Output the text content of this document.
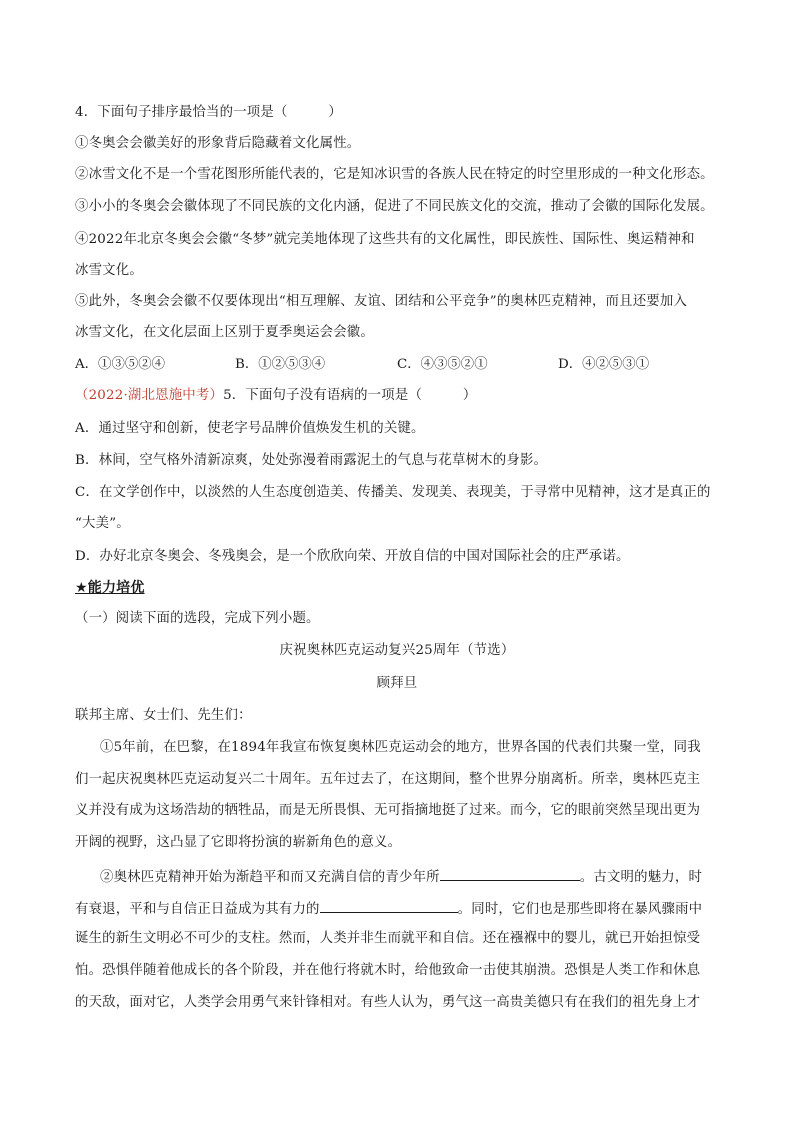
4．下面句子排序最恰当的一项是（　　　）
①冬奥会会徽美好的形象背后隐藏着文化属性。
②冰雪文化不是一个雪花图形所能代表的，它是知冰识雪的各族人民在特定的时空里形成的一种文化形态。
③小小的冬奥会会徽体现了不同民族的文化内涵，促进了不同民族文化的交流，推动了会徽的国际化发展。
④2022年北京冬奥会会徽“冬梦”就完美地体现了这些共有的文化属性，即民族性、国际性、奥运精神和
冰雪文化。
⑤此外，冬奥会会徽不仅要体现出“相互理解、友谊、团结和公平竞争”的奥林匹克精神，而且还要加入
冰雪文化，在文化层面上区别于夏季奥运会会徽。
A．①③⑤②④	B．①②⑤③④	C．④③⑤②①	D．④②⑤③①
（2022·湖北恩施中考）5．下面句子没有语病的一项是（　　　）
A．通过坚守和创新，使老字号品牌价值焕发生机的关键。
B．林间，空气格外清新凉爽，处处弥漫着雨露泥土的气息与花草树木的身影。
C．在文学创作中，以淡然的人生态度创造美、传播美、发现美、表现美，于寻常中见精神，这才是真正的
“大美”。
D．办好北京冬奥会、冬残奥会，是一个欣欣向荣、开放自信的中国对国际社会的庄严承诺。
★能力培优
（一）阅读下面的选段，完成下列小题。
庆祝奥林匹克运动复兴25周年（节选）
顾拜旦
联邦主席、女士们、先生们：
①5年前，在巴黎，在1894年我宣布恢复奥林匹克运动会的地方，世界各国的代表们共聚一堂，同我
们一起庆祝奥林匹克运动复兴二十周年。五年过去了，在这期间，整个世界分崩离析。所幸，奥林匹克主
义并没有成为这场浩劫的牺牲品，而是无所畏惧、无可指摘地挺了过来。而今，它的眼前突然呈现出更为
开阔的视野，这凸显了它即将扮演的崭新角色的意义。
②奥林匹克精神开始为渐趋平和而又充满自信的青少年所	。古文明的魅力，时
有衰退，平和与自信正日益成为其有力的	。同时，它们也是那些即将在暴风骤雨中
诞生的新生文明必不可少的支柱。然而，人类并非生而就平和自信。还在襁褓中的婴儿，就已开始担惊受
怕。恐惧伴随着他成长的各个阶段，并在他行将就木时，给他致命一击使其崩溃。恐惧是人类工作和休息
的天敌，面对它，人类学会用勇气来针锋相对。有些人认为，勇气这一高贵美德只有在我们的祖先身上才
